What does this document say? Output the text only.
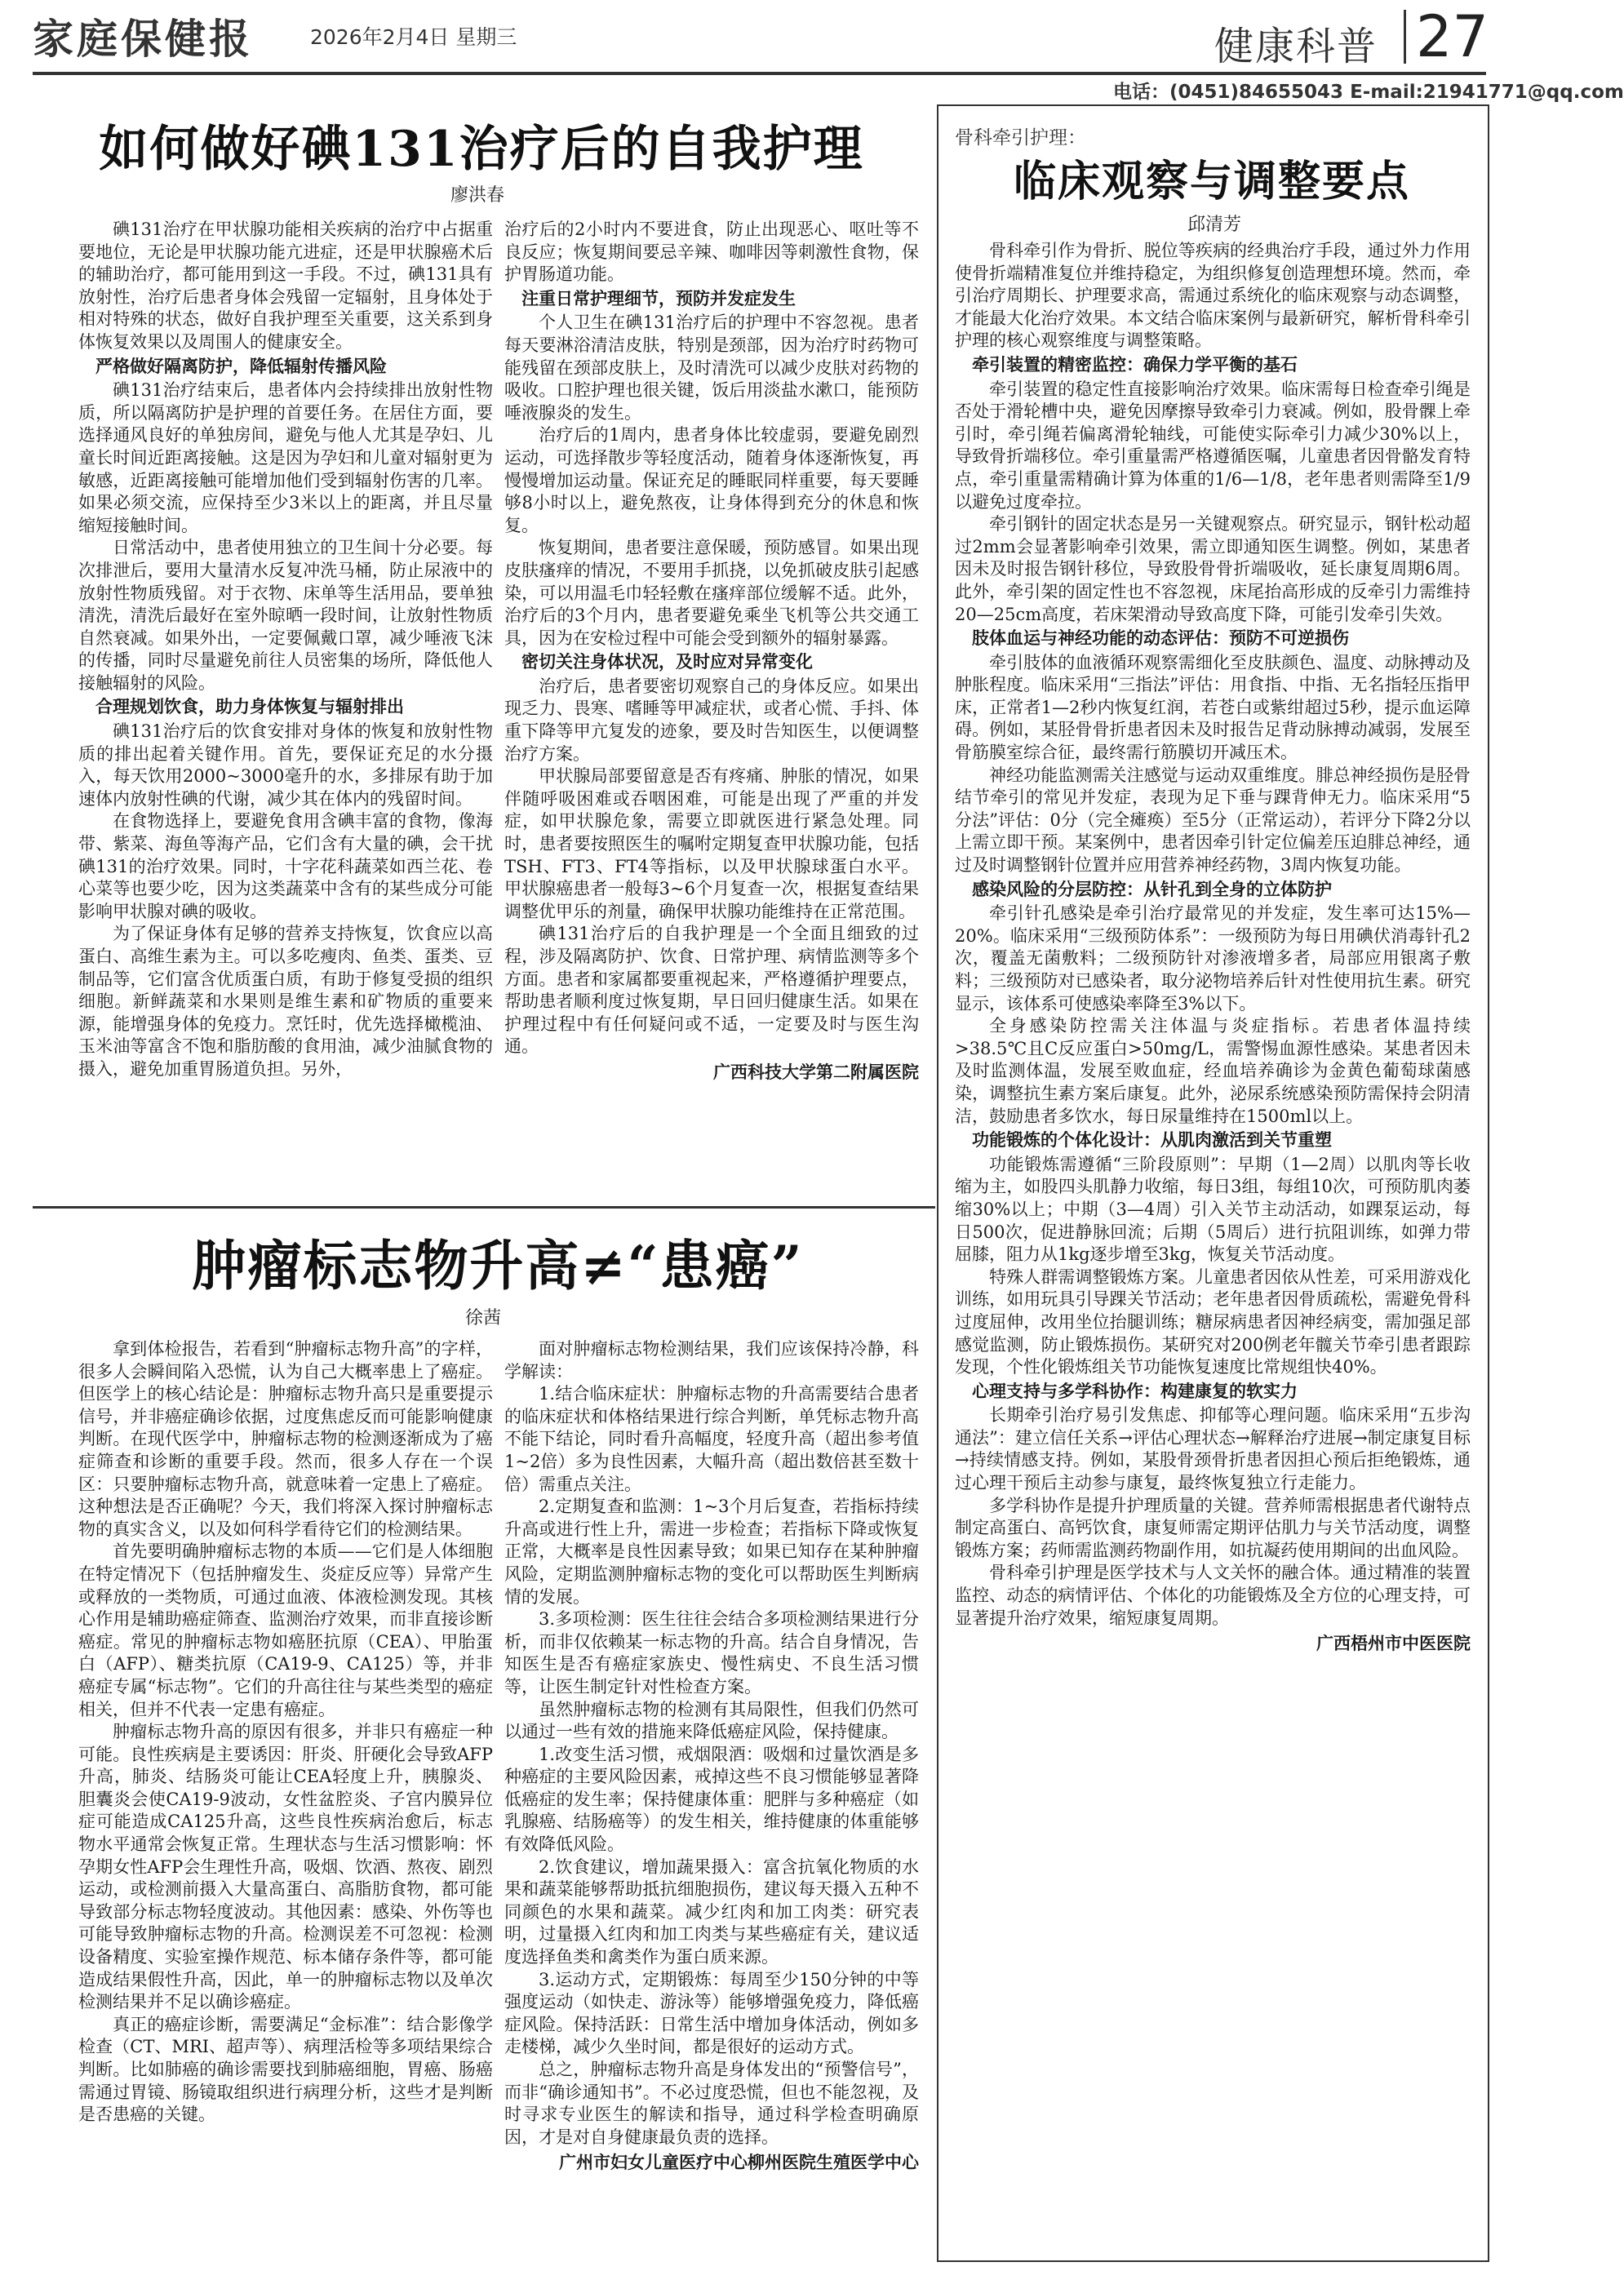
家庭保健报	2026年2月4日 星期三	健康科普 27
电话：(0451)84655043 E-mail:21941771@qq.com
如何做好碘131治疗后的自我护理
廖洪春

碘131治疗在甲状腺功能相关疾病的治疗中占据重要地位，无论是甲状腺功能亢进症，还是甲状腺癌术后的辅助治疗，都可能用到这一手段。不过，碘131具有放射性，治疗后患者身体会残留一定辐射，且身体处于相对特殊的状态，做好自我护理至关重要，这关系到身体恢复效果以及周围人的健康安全。

严格做好隔离防护，降低辐射传播风险

碘131治疗结束后，患者体内会持续排出放射性物质，所以隔离防护是护理的首要任务。在居住方面，要选择通风良好的单独房间，避免与他人尤其是孕妇、儿童长时间近距离接触。这是因为孕妇和儿童对辐射更为敏感，近距离接触可能增加他们受到辐射伤害的几率。如果必须交流，应保持至少3米以上的距离，并且尽量缩短接触时间。

日常活动中，患者使用独立的卫生间十分必要。每次排泄后，要用大量清水反复冲洗马桶，防止尿液中的放射性物质残留。对于衣物、床单等生活用品，要单独清洗，清洗后最好在室外晾晒一段时间，让放射性物质自然衰减。如果外出，一定要佩戴口罩，减少唾液飞沫的传播，同时尽量避免前往人员密集的场所，降低他人接触辐射的风险。

合理规划饮食，助力身体恢复与辐射排出

碘131治疗后的饮食安排对身体的恢复和放射性物质的排出起着关键作用。首先，要保证充足的水分摄入，每天饮用2000~3000毫升的水，多排尿有助于加速体内放射性碘的代谢，减少其在体内的残留时间。

在食物选择上，要避免食用含碘丰富的食物，像海带、紫菜、海鱼等海产品，它们含有大量的碘，会干扰碘131的治疗效果。同时，十字花科蔬菜如西兰花、卷心菜等也要少吃，因为这类蔬菜中含有的某些成分可能影响甲状腺对碘的吸收。

为了保证身体有足够的营养支持恢复，饮食应以高蛋白、高维生素为主。可以多吃瘦肉、鱼类、蛋类、豆制品等，它们富含优质蛋白质，有助于修复受损的组织细胞。新鲜蔬菜和水果则是维生素和矿物质的重要来源，能增强身体的免疫力。烹饪时，优先选择橄榄油、玉米油等富含不饱和脂肪酸的食用油，减少油腻食物的摄入，避免加重胃肠道负担。另外，

治疗后的2小时内不要进食，防止出现恶心、呕吐等不良反应；恢复期间要忌辛辣、咖啡因等刺激性食物，保护胃肠道功能。

注重日常护理细节，预防并发症发生

个人卫生在碘131治疗后的护理中不容忽视。患者每天要淋浴清洁皮肤，特别是颈部，因为治疗时药物可能残留在颈部皮肤上，及时清洗可以减少皮肤对药物的吸收。口腔护理也很关键，饭后用淡盐水漱口，能预防唾液腺炎的发生。

治疗后的1周内，患者身体比较虚弱，要避免剧烈运动，可选择散步等轻度活动，随着身体逐渐恢复，再慢慢增加运动量。保证充足的睡眠同样重要，每天要睡够8小时以上，避免熬夜，让身体得到充分的休息和恢复。

恢复期间，患者要注意保暖，预防感冒。如果出现皮肤瘙痒的情况，不要用手抓挠，以免抓破皮肤引起感染，可以用温毛巾轻轻敷在瘙痒部位缓解不适。此外，治疗后的3个月内，患者要避免乘坐飞机等公共交通工具，因为在安检过程中可能会受到额外的辐射暴露。

密切关注身体状况，及时应对异常变化

治疗后，患者要密切观察自己的身体反应。如果出现乏力、畏寒、嗜睡等甲减症状，或者心慌、手抖、体重下降等甲亢复发的迹象，要及时告知医生，以便调整治疗方案。

甲状腺局部要留意是否有疼痛、肿胀的情况，如果伴随呼吸困难或吞咽困难，可能是出现了严重的并发症，如甲状腺危象，需要立即就医进行紧急处理。同时，患者要按照医生的嘱咐定期复查甲状腺功能，包括TSH、FT3、FT4等指标，以及甲状腺球蛋白水平。甲状腺癌患者一般每3~6个月复查一次，根据复查结果调整优甲乐的剂量，确保甲状腺功能维持在正常范围。

碘131治疗后的自我护理是一个全面且细致的过程，涉及隔离防护、饮食、日常护理、病情监测等多个方面。患者和家属都要重视起来，严格遵循护理要点，帮助患者顺利度过恢复期，早日回归健康生活。如果在护理过程中有任何疑问或不适，一定要及时与医生沟通。

广西科技大学第二附属医院
肿瘤标志物升高≠“患癌”
徐茜

拿到体检报告，若看到“肿瘤标志物升高”的字样，很多人会瞬间陷入恐慌，认为自己大概率患上了癌症。但医学上的核心结论是：肿瘤标志物升高只是重要提示信号，并非癌症确诊依据，过度焦虑反而可能影响健康判断。在现代医学中，肿瘤标志物的检测逐渐成为了癌症筛查和诊断的重要手段。然而，很多人存在一个误区：只要肿瘤标志物升高，就意味着一定患上了癌症。这种想法是否正确呢？今天，我们将深入探讨肿瘤标志物的真实含义，以及如何科学看待它们的检测结果。

首先要明确肿瘤标志物的本质——它们是人体细胞在特定情况下（包括肿瘤发生、炎症反应等）异常产生或释放的一类物质，可通过血液、体液检测发现。其核心作用是辅助癌症筛查、监测治疗效果，而非直接诊断癌症。常见的肿瘤标志物如癌胚抗原（CEA）、甲胎蛋白（AFP）、糖类抗原（CA19-9、CA125）等，并非癌症专属“标志物”。它们的升高往往与某些类型的癌症相关，但并不代表一定患有癌症。

肿瘤标志物升高的原因有很多，并非只有癌症一种可能。良性疾病是主要诱因：肝炎、肝硬化会导致AFP升高，肺炎、结肠炎可能让CEA轻度上升，胰腺炎、胆囊炎会使CA19-9波动，女性盆腔炎、子宫内膜异位症可能造成CA125升高，这些良性疾病治愈后，标志物水平通常会恢复正常。生理状态与生活习惯影响：怀孕期女性AFP会生理性升高，吸烟、饮酒、熬夜、剧烈运动，或检测前摄入大量高蛋白、高脂肪食物，都可能导致部分标志物轻度波动。其他因素：感染、外伤等也可能导致肿瘤标志物的升高。检测误差不可忽视：检测设备精度、实验室操作规范、标本储存条件等，都可能造成结果假性升高，因此，单一的肿瘤标志物以及单次检测结果并不足以确诊癌症。

真正的癌症诊断，需要满足“金标准”：结合影像学检查（CT、MRI、超声等）、病理活检等多项结果综合判断。比如肺癌的确诊需要找到肺癌细胞，胃癌、肠癌需通过胃镜、肠镜取组织进行病理分析，这些才是判断是否患癌的关键。

面对肿瘤标志物检测结果，我们应该保持冷静，科学解读：

1.结合临床症状：肿瘤标志物的升高需要结合患者的临床症状和体格结果进行综合判断，单凭标志物升高不能下结论，同时看升高幅度，轻度升高（超出参考值1~2倍）多为良性因素，大幅升高（超出数倍甚至数十倍）需重点关注。

2.定期复查和监测：1~3个月后复查，若指标持续升高或进行性上升，需进一步检查；若指标下降或恢复正常，大概率是良性因素导致；如果已知存在某种肿瘤风险，定期监测肿瘤标志物的变化可以帮助医生判断病情的发展。

3.多项检测：医生往往会结合多项检测结果进行分析，而非仅依赖某一标志物的升高。结合自身情况，告知医生是否有癌症家族史、慢性病史、不良生活习惯等，让医生制定针对性检查方案。

虽然肿瘤标志物的检测有其局限性，但我们仍然可以通过一些有效的措施来降低癌症风险，保持健康。

1.改变生活习惯，戒烟限酒：吸烟和过量饮酒是多种癌症的主要风险因素，戒掉这些不良习惯能够显著降低癌症的发生率；保持健康体重：肥胖与多种癌症（如乳腺癌、结肠癌等）的发生相关，维持健康的体重能够有效降低风险。

2.饮食建议，增加蔬果摄入：富含抗氧化物质的水果和蔬菜能够帮助抵抗细胞损伤，建议每天摄入五种不同颜色的水果和蔬菜。减少红肉和加工肉类：研究表明，过量摄入红肉和加工肉类与某些癌症有关，建议适度选择鱼类和禽类作为蛋白质来源。

3.运动方式，定期锻炼：每周至少150分钟的中等强度运动（如快走、游泳等）能够增强免疫力，降低癌症风险。保持活跃：日常生活中增加身体活动，例如多走楼梯，减少久坐时间，都是很好的运动方式。

总之，肿瘤标志物升高是身体发出的“预警信号”，而非“确诊通知书”。不必过度恐慌，但也不能忽视，及时寻求专业医生的解读和指导，通过科学检查明确原因，才是对自身健康最负责的选择。

广州市妇女儿童医疗中心柳州医院生殖医学中心
骨科牵引护理：
临床观察与调整要点
邱清芳

骨科牵引作为骨折、脱位等疾病的经典治疗手段，通过外力作用使骨折端精准复位并维持稳定，为组织修复创造理想环境。然而，牵引治疗周期长、护理要求高，需通过系统化的临床观察与动态调整，才能最大化治疗效果。本文结合临床案例与最新研究，解析骨科牵引护理的核心观察维度与调整策略。

牵引装置的精密监控：确保力学平衡的基石

牵引装置的稳定性直接影响治疗效果。临床需每日检查牵引绳是否处于滑轮槽中央，避免因摩擦导致牵引力衰减。例如，股骨髁上牵引时，牵引绳若偏离滑轮轴线，可能使实际牵引力减少30%以上，导致骨折端移位。牵引重量需严格遵循医嘱，儿童患者因骨骼发育特点，牵引重量需精确计算为体重的1/6—1/8，老年患者则需降至1/9以避免过度牵拉。

牵引钢针的固定状态是另一关键观察点。研究显示，钢针松动超过2mm会显著影响牵引效果，需立即通知医生调整。例如，某患者因未及时报告钢针移位，导致股骨骨折端吸收，延长康复周期6周。此外，牵引架的固定性也不容忽视，床尾抬高形成的反牵引力需维持20—25cm高度，若床架滑动导致高度下降，可能引发牵引失效。

肢体血运与神经功能的动态评估：预防不可逆损伤

牵引肢体的血液循环观察需细化至皮肤颜色、温度、动脉搏动及肿胀程度。临床采用“三指法”评估：用食指、中指、无名指轻压指甲床，正常者1—2秒内恢复红润，若苍白或紫绀超过5秒，提示血运障碍。例如，某胫骨骨折患者因未及时报告足背动脉搏动减弱，发展至骨筋膜室综合征，最终需行筋膜切开减压术。

神经功能监测需关注感觉与运动双重维度。腓总神经损伤是胫骨结节牵引的常见并发症，表现为足下垂与踝背伸无力。临床采用“5分法”评估：0分（完全瘫痪）至5分（正常运动），若评分下降2分以上需立即干预。某案例中，患者因牵引针定位偏差压迫腓总神经，通过及时调整钢针位置并应用营养神经药物，3周内恢复功能。

感染风险的分层防控：从针孔到全身的立体防护

牵引针孔感染是牵引治疗最常见的并发症，发生率可达15%—20%。临床采用“三级预防体系”：一级预防为每日用碘伏消毒针孔2次，覆盖无菌敷料；二级预防针对渗液增多者，局部应用银离子敷料；三级预防对已感染者，取分泌物培养后针对性使用抗生素。研究显示，该体系可使感染率降至3%以下。

全身感染防控需关注体温与炎症指标。若患者体温持续>38.5℃且C反应蛋白>50mg/L，需警惕血源性感染。某患者因未及时监测体温，发展至败血症，经血培养确诊为金黄色葡萄球菌感染，调整抗生素方案后康复。此外，泌尿系统感染预防需保持会阴清洁，鼓励患者多饮水，每日尿量维持在1500ml以上。

功能锻炼的个体化设计：从肌肉激活到关节重塑

功能锻炼需遵循“三阶段原则”：早期（1—2周）以肌肉等长收缩为主，如股四头肌静力收缩，每日3组，每组10次，可预防肌肉萎缩30%以上；中期（3—4周）引入关节主动活动，如踝泵运动，每日500次，促进静脉回流；后期（5周后）进行抗阻训练，如弹力带屈膝，阻力从1kg逐步增至3kg，恢复关节活动度。

特殊人群需调整锻炼方案。儿童患者因依从性差，可采用游戏化训练，如用玩具引导踝关节活动；老年患者因骨质疏松，需避免骨科过度屈伸，改用坐位抬腿训练；糖尿病患者因神经病变，需加强足部感觉监测，防止锻炼损伤。某研究对200例老年髋关节牵引患者跟踪发现，个性化锻炼组关节功能恢复速度比常规组快40%。

心理支持与多学科协作：构建康复的软实力

长期牵引治疗易引发焦虑、抑郁等心理问题。临床采用“五步沟通法”：建立信任关系→评估心理状态→解释治疗进展→制定康复目标→持续情感支持。例如，某股骨颈骨折患者因担心预后拒绝锻炼，通过心理干预后主动参与康复，最终恢复独立行走能力。

多学科协作是提升护理质量的关键。营养师需根据患者代谢特点制定高蛋白、高钙饮食，康复师需定期评估肌力与关节活动度，调整锻炼方案；药师需监测药物副作用，如抗凝药使用期间的出血风险。

骨科牵引护理是医学技术与人文关怀的融合体。通过精准的装置监控、动态的病情评估、个体化的功能锻炼及全方位的心理支持，可显著提升治疗效果，缩短康复周期。

广西梧州市中医医院
